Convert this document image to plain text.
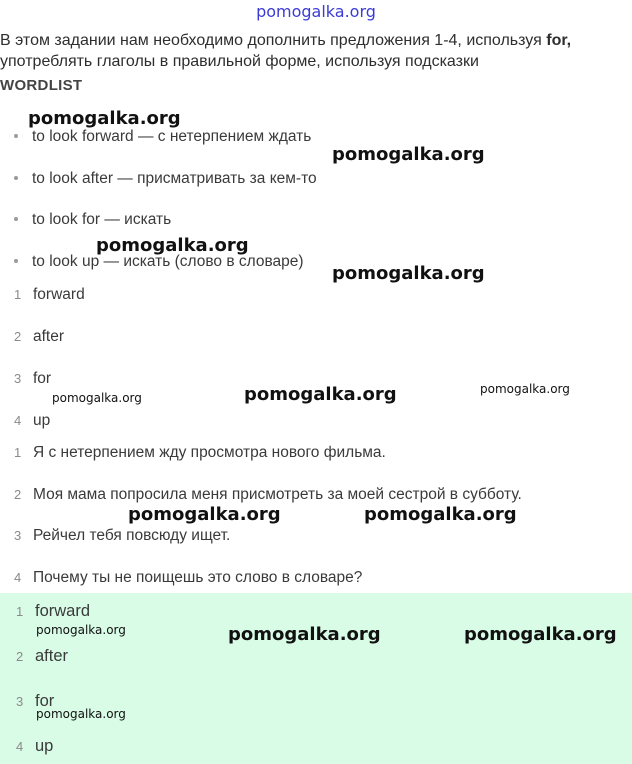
pomogalka.org
В этом задании нам необходимо дополнить предложения 1-4, используя for,
употреблять глаголы в правильной форме, используя подсказки
WORDLIST
to look forward — с нетерпением ждать
to look after — присматривать за кем-то
to look for — искать
to look up — искать (слово в словаре)
1 forward
2 after
3 for
4 up
1 Я с нетерпением жду просмотра нового фильма.
2 Моя мама попросила меня присмотреть за моей сестрой в субботу.
3 Рейчел тебя повсюду ищет.
4 Почему ты не поищешь это слово в словаре?
1 forward
2 after
3 for
4 up
pomogalka.org
pomogalka.org
pomogalka.org
pomogalka.org
pomogalka.org	pomogalka.org
pomogalka.org
pomogalka.org	pomogalka.org
pomogalka.org	pomogalka.org	pomogalka.org
pomogalka.org
